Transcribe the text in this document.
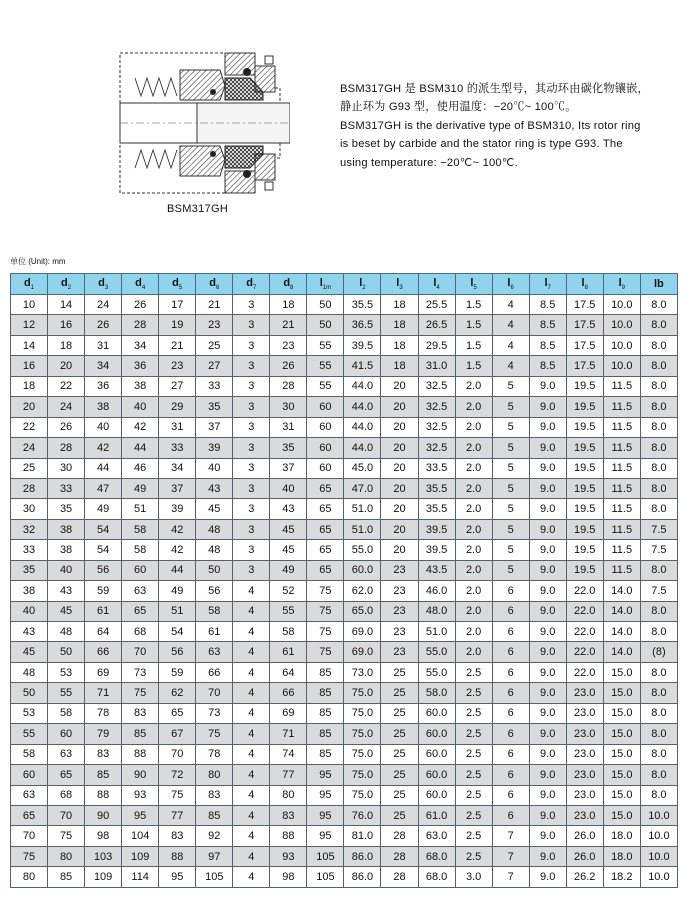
BSM317GH
BSM317GH 是 BSM310 的派生型号，其动环由碳化物镶嵌，
静止环为 G93 型，使用温度：−20℃~ 100℃。
BSM317GH is the derivative type of BSM310, Its rotor ring
is beset by carbide and the stator ring is type G93. The
using temperature: −20℃~ 100℃.
单位 (Unit): mm
$d_1$	$d_2$	$d_3$	$d_4$	$d_5$	$d_6$	$d_7$	$d_8$	$l_{1m}$	$l_2$	$l_3$	$l_4$	$l_5$	$l_6$	$l_7$	$l_8$	$l_9$	lb
10	14	24	26	17	21	3	18	50	35.5	18	25.5	1.5	4	8.5	17.5	10.0	8.0
12	16	26	28	19	23	3	21	50	36.5	18	26.5	1.5	4	8.5	17.5	10.0	8.0
14	18	31	34	21	25	3	23	55	39.5	18	29.5	1.5	4	8.5	17.5	10.0	8.0
16	20	34	36	23	27	3	26	55	41.5	18	31.0	1.5	4	8.5	17.5	10.0	8.0
18	22	36	38	27	33	3	28	55	44.0	20	32.5	2.0	5	9.0	19.5	11.5	8.0
20	24	38	40	29	35	3	30	60	44.0	20	32.5	2.0	5	9.0	19.5	11.5	8.0
22	26	40	42	31	37	3	31	60	44.0	20	32.5	2.0	5	9.0	19.5	11.5	8.0
24	28	42	44	33	39	3	35	60	44.0	20	32.5	2.0	5	9.0	19.5	11.5	8.0
25	30	44	46	34	40	3	37	60	45.0	20	33.5	2.0	5	9.0	19.5	11.5	8.0
28	33	47	49	37	43	3	40	65	47.0	20	35.5	2.0	5	9.0	19.5	11.5	8.0
30	35	49	51	39	45	3	43	65	51.0	20	35.5	2.0	5	9.0	19.5	11.5	8.0
32	38	54	58	42	48	3	45	65	51.0	20	39.5	2.0	5	9.0	19.5	11.5	7.5
33	38	54	58	42	48	3	45	65	55.0	20	39.5	2.0	5	9.0	19.5	11.5	7.5
35	40	56	60	44	50	3	49	65	60.0	23	43.5	2.0	5	9.0	19.5	11.5	8.0
38	43	59	63	49	56	4	52	75	62.0	23	46.0	2.0	6	9.0	22.0	14.0	7.5
40	45	61	65	51	58	4	55	75	65.0	23	48.0	2.0	6	9.0	22.0	14.0	8.0
43	48	64	68	54	61	4	58	75	69.0	23	51.0	2.0	6	9.0	22.0	14.0	8.0
45	50	66	70	56	63	4	61	75	69.0	23	55.0	2.0	6	9.0	22.0	14.0	(8)
48	53	69	73	59	66	4	64	85	73.0	25	55.0	2.5	6	9.0	22.0	15.0	8.0
50	55	71	75	62	70	4	66	85	75.0	25	58.0	2.5	6	9.0	23.0	15.0	8.0
53	58	78	83	65	73	4	69	85	75.0	25	60.0	2.5	6	9.0	23.0	15.0	8.0
55	60	79	85	67	75	4	71	85	75.0	25	60.0	2.5	6	9.0	23.0	15.0	8.0
58	63	83	88	70	78	4	74	85	75.0	25	60.0	2.5	6	9.0	23.0	15.0	8.0
60	65	85	90	72	80	4	77	95	75.0	25	60.0	2.5	6	9.0	23.0	15.0	8.0
63	68	88	93	75	83	4	80	95	75.0	25	60.0	2.5	6	9.0	23.0	15.0	8.0
65	70	90	95	77	85	4	83	95	76.0	25	61.0	2.5	6	9.0	23.0	15.0	10.0
70	75	98	104	83	92	4	88	95	81.0	28	63.0	2.5	7	9.0	26.0	18.0	10.0
75	80	103	109	88	97	4	93	105	86.0	28	68.0	2.5	7	9.0	26.0	18.0	10.0
80	85	109	114	95	105	4	98	105	86.0	28	68.0	3.0	7	9.0	26.2	18.2	10.0
